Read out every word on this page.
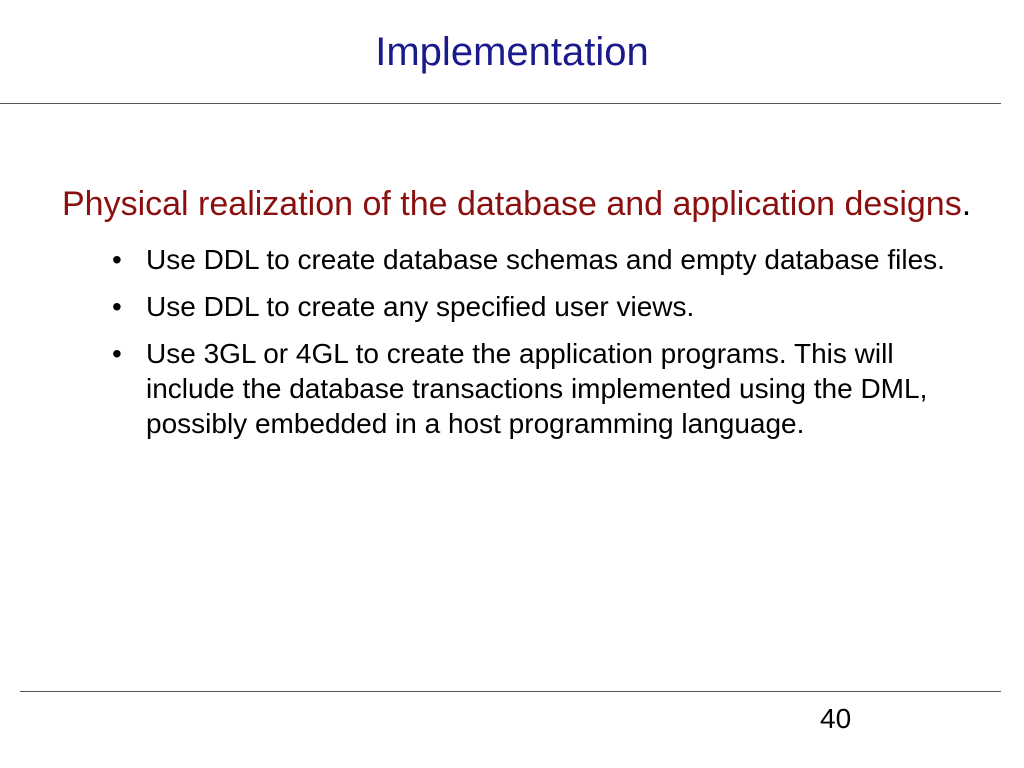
Implementation

Physical realization of the database and application designs.

• Use DDL to create database schemas and empty database files.
• Use DDL to create any specified user views.
• Use 3GL or 4GL to create the application programs. This will include the database transactions implemented using the DML, possibly embedded in a host programming language.
40
